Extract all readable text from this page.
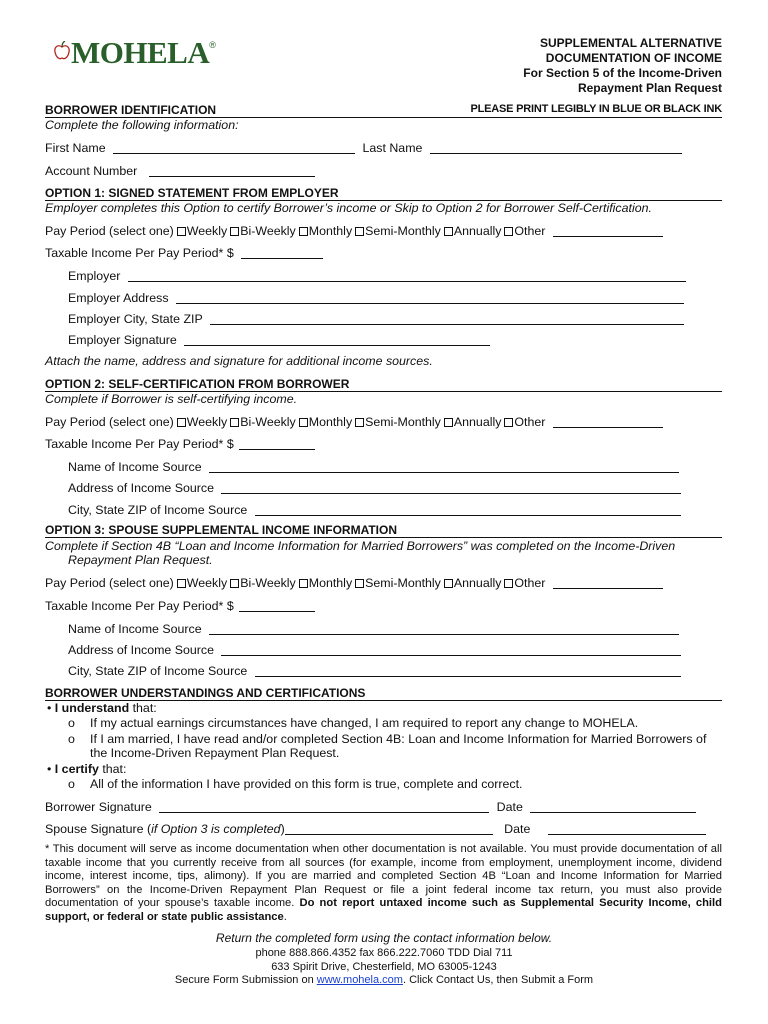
MOHELA ®	SUPPLEMENTAL ALTERNATIVE
DOCUMENTATION OF INCOME
For Section 5 of the Income-Driven
Repayment Plan Request
BORROWER IDENTIFICATION	PLEASE PRINT LEGIBLY IN BLUE OR BLACK INK
Complete the following information:
First Name	Last Name
Account Number
OPTION 1: SIGNED STATEMENT FROM EMPLOYER
Employer completes this Option to certify Borrower’s income or Skip to Option 2 for Borrower Self-Certification.
Pay Period (select one) Weekly Bi-Weekly Monthly Semi-Monthly Annually Other
Taxable Income Per Pay Period* $
Employer
Employer Address
Employer City, State ZIP
Employer Signature
Attach the name, address and signature for additional income sources.
OPTION 2: SELF-CERTIFICATION FROM BORROWER
Complete if Borrower is self-certifying income.
Pay Period (select one) Weekly Bi-Weekly Monthly Semi-Monthly Annually Other
Taxable Income Per Pay Period* $
Name of Income Source
Address of Income Source
City, State ZIP of Income Source
OPTION 3: SPOUSE SUPPLEMENTAL INCOME INFORMATION
Complete if Section 4B “Loan and Income Information for Married Borrowers” was completed on the Income-Driven
Repayment Plan Request.
Pay Period (select one) Weekly Bi-Weekly Monthly Semi-Monthly Annually Other
Taxable Income Per Pay Period* $
Name of Income Source
Address of Income Source
City, State ZIP of Income Source
BORROWER UNDERSTANDINGS AND CERTIFICATIONS
• I understand that:
o If my actual earnings circumstances have changed, I am required to report any change to MOHELA.
o If I am married, I have read and/or completed Section 4B: Loan and Income Information for Married Borrowers of
the Income-Driven Repayment Plan Request.
• I certify that:
o All of the information I have provided on this form is true, complete and correct.
Borrower Signature	Date
Spouse Signature (if Option 3 is completed)	Date
* This document will serve as income documentation when other documentation is not available. You must provide documentation of all taxable income that you currently receive from all sources (for example, income from employment, unemployment income, dividend income, interest income, tips, alimony). If you are married and completed Section 4B “Loan and Income Information for Married Borrowers” on the Income-Driven Repayment Plan Request or file a joint federal income tax return, you must also provide documentation of your spouse’s taxable income. Do not report untaxed income such as Supplemental Security Income, child support, or federal or state public assistance.
Return the completed form using the contact information below.
phone 888.866.4352 fax 866.222.7060 TDD Dial 711
633 Spirit Drive, Chesterfield, MO 63005-1243
Secure Form Submission on www.mohela.com. Click Contact Us, then Submit a Form
